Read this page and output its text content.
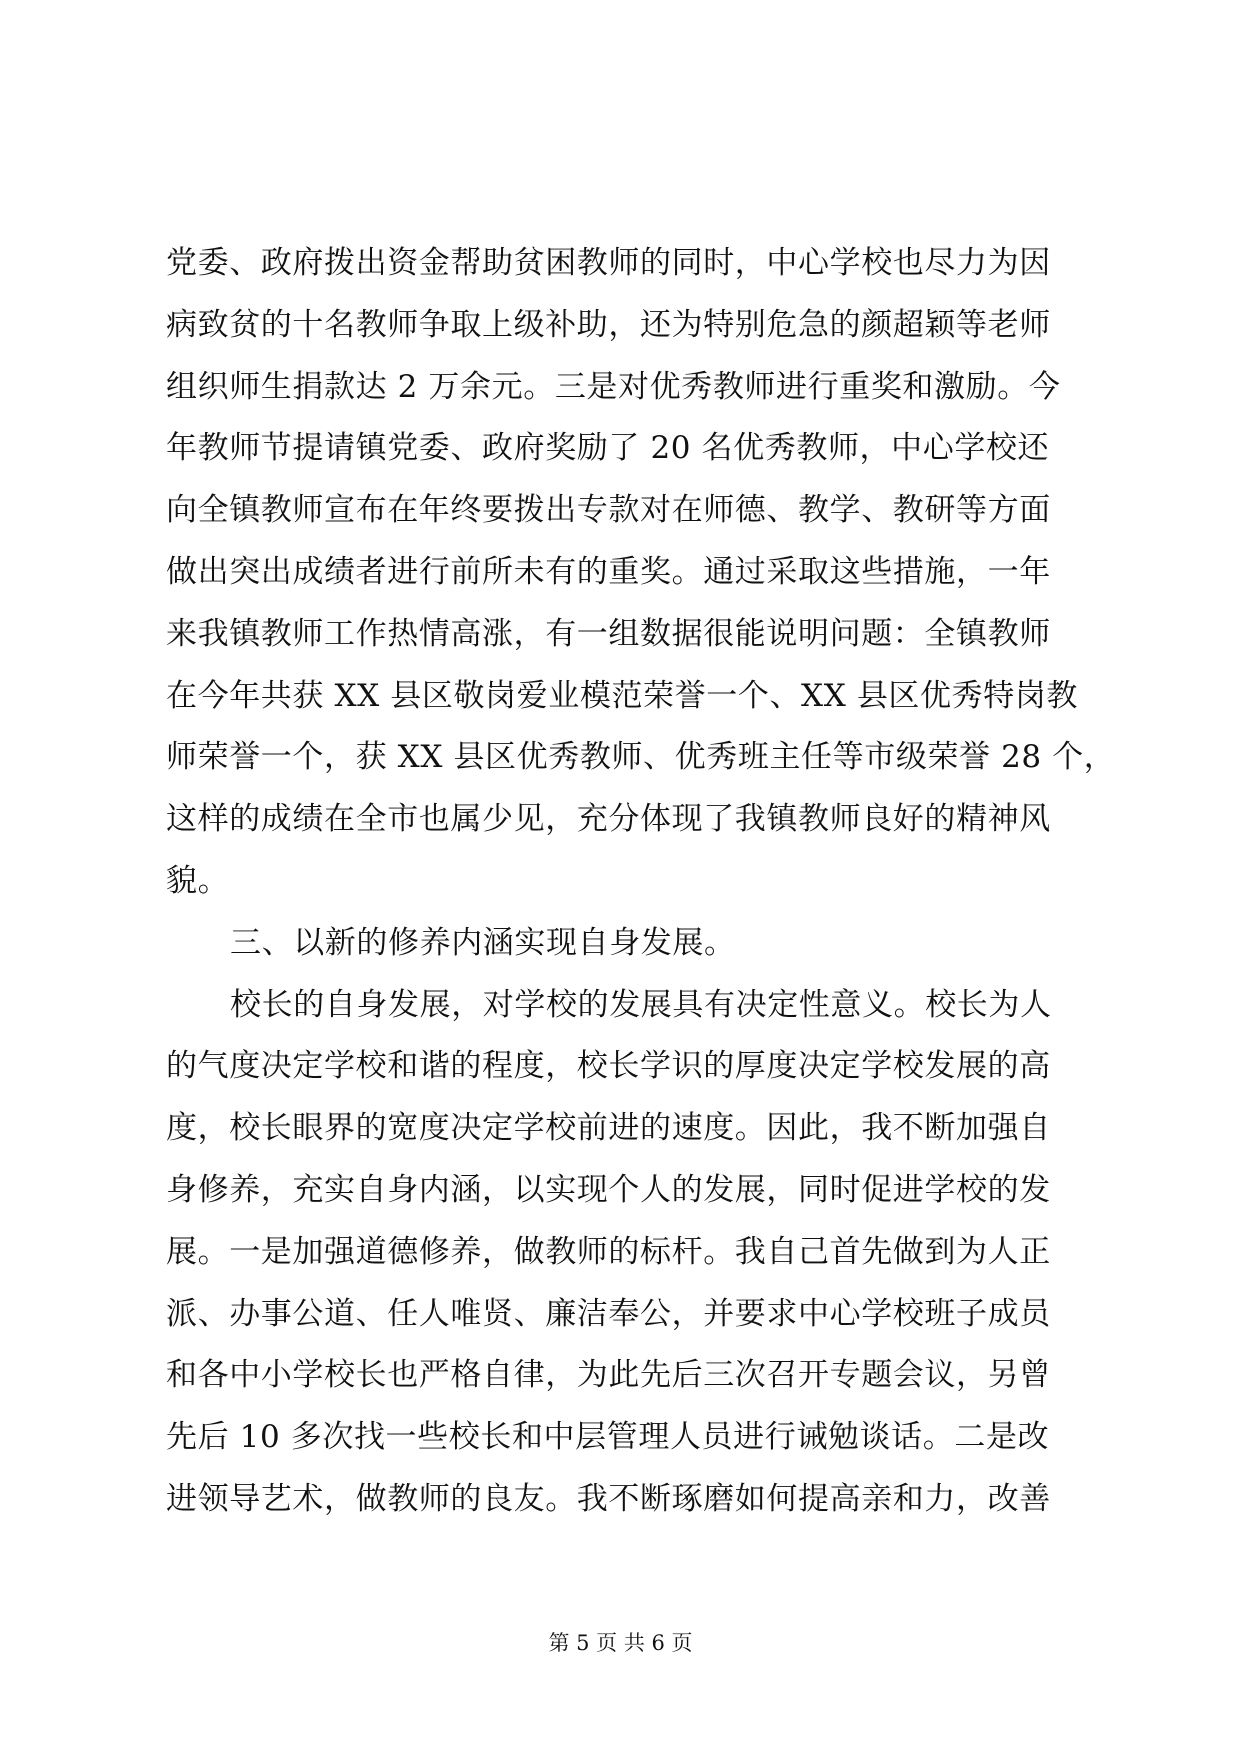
党委、政府拨出资金帮助贫困教师的同时，中心学校也尽力为因
病致贫的十名教师争取上级补助，还为特别危急的颜超颖等老师
组织师生捐款达 2 万余元。三是对优秀教师进行重奖和激励。今
年教师节提请镇党委、政府奖励了 20 名优秀教师，中心学校还
向全镇教师宣布在年终要拨出专款对在师德、教学、教研等方面
做出突出成绩者进行前所未有的重奖。通过采取这些措施，一年
来我镇教师工作热情高涨，有一组数据很能说明问题：全镇教师
在今年共获 XX 县区敬岗爱业模范荣誉一个、XX 县区优秀特岗教
师荣誉一个，获 XX 县区优秀教师、优秀班主任等市级荣誉 28 个，
这样的成绩在全市也属少见，充分体现了我镇教师良好的精神风
貌。
三、以新的修养内涵实现自身发展。
校长的自身发展，对学校的发展具有决定性意义。校长为人
的气度决定学校和谐的程度，校长学识的厚度决定学校发展的高
度，校长眼界的宽度决定学校前进的速度。因此，我不断加强自
身修养，充实自身内涵，以实现个人的发展，同时促进学校的发
展。一是加强道德修养，做教师的标杆。我自己首先做到为人正
派、办事公道、任人唯贤、廉洁奉公，并要求中心学校班子成员
和各中小学校长也严格自律，为此先后三次召开专题会议，另曾
先后 10 多次找一些校长和中层管理人员进行诫勉谈话。二是改
进领导艺术，做教师的良友。我不断琢磨如何提高亲和力，改善
第 5 页 共 6 页
